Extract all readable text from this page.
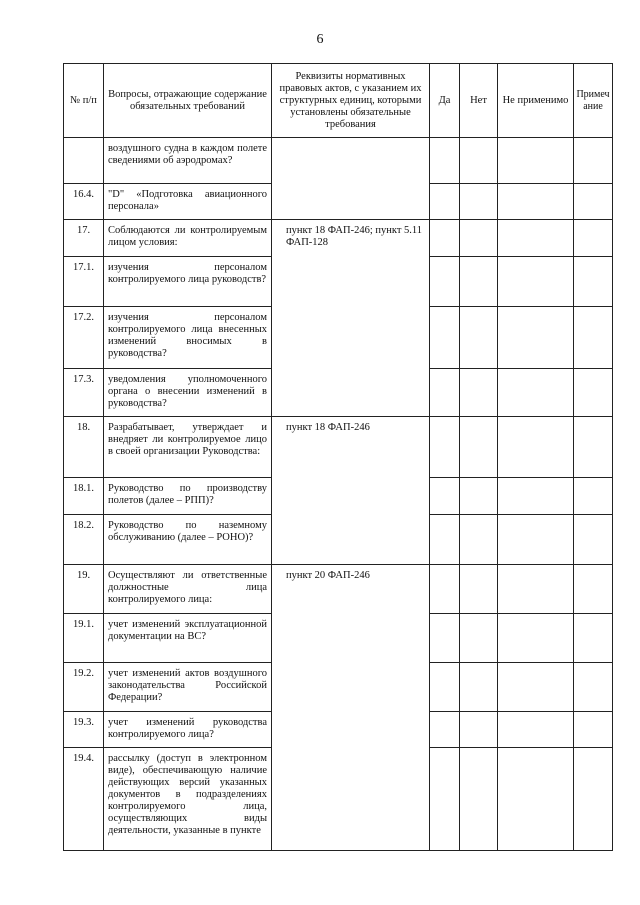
6
№ п/п	Вопросы, отражающие содержание обязательных требований	Реквизиты нормативных правовых актов, с указанием их структурных единиц, которыми установлены обязательные требования	Да	Нет	Не применимо	Примечание
	воздушного судна в каждом полете сведениями об аэродромах?					
16.4.	"D" «Подготовка авиационного персонала»					
17.	Соблюдаются ли контролируемым лицом условия:	пункт 18 ФАП-246; пункт 5.11 ФАП-128				
17.1.	изучения персоналом контролируемого лица руководств?					
17.2.	изучения персоналом контролируемого лица внесенных изменений вносимых в руководства?					
17.3.	уведомления уполномоченного органа о внесении изменений в руководства?					
18.	Разрабатывает, утверждает и внедряет ли контролируемое лицо в своей организации Руководства:	пункт 18 ФАП-246				
18.1.	Руководство по производству полетов (далее – РПП)?					
18.2.	Руководство по наземному обслуживанию (далее – РОНО)?					
19.	Осуществляют ли ответственные должностные лица контролируемого лица:	пункт 20 ФАП-246				
19.1.	учет изменений эксплуатационной документации на ВС?					
19.2.	учет изменений актов воздушного законодательства Российской Федерации?					
19.3.	учет изменений руководства контролируемого лица?					
19.4.	рассылку (доступ в электронном виде), обеспечивающую наличие действующих версий указанных документов в подразделениях контролируемого лица, осуществляющих виды деятельности, указанные в пункте					
